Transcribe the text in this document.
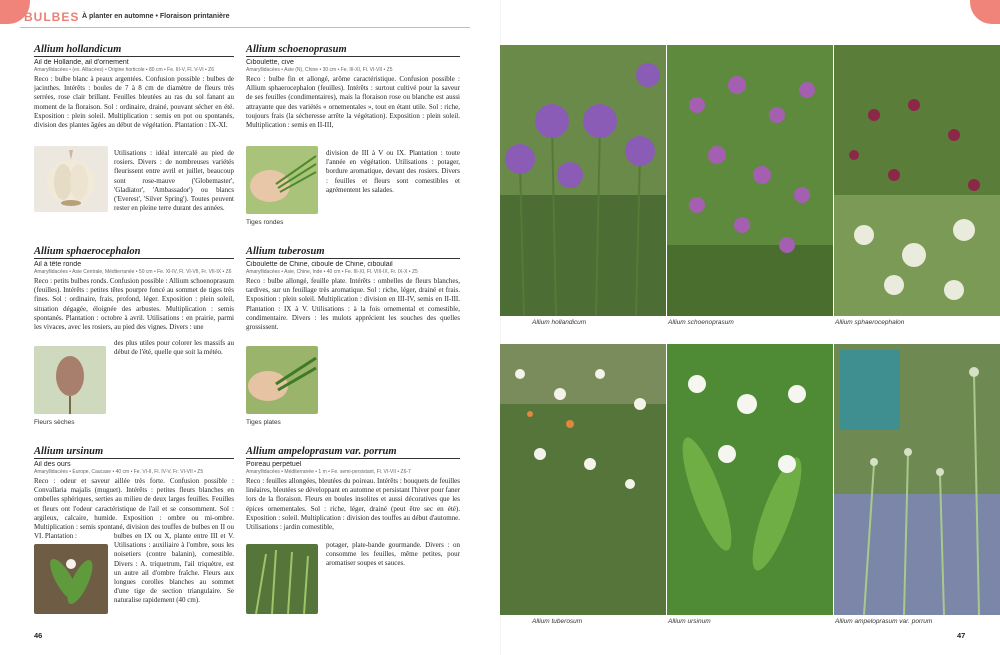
BULBES À planter en automne • Floraison printanière
Allium hollandicum
Ail de Hollande, ail d'ornement
Amaryllidacées • (ex. Alliacées) • Origine horticole • 80 cm • Fe. III-V, Fl. V-VI • Z6
Reco : bulbe blanc à peaux argentées. Confusion possible : bulbes de jacinthes. Intérêts : boules de 7 à 8 cm de diamètre de fleurs très serrées, rose clair brillant. Feuilles bleutées au ras du sol fanant au moment de la floraison. Sol : ordinaire, drainé, pouvant sécher en été. Exposition : plein soleil. Multiplication : semis en pot ou spontanés, division des plantes âgées au début de végétation. Plantation : IX-XI.
Utilisations : idéal intercalé au pied de rosiers. Divers : de nombreuses variétés fleurissent entre avril et juillet, beaucoup sont rose-mauve ('Globemaster', 'Gladiator', 'Ambassador') ou blancs ('Everest', 'Silver Spring'). Toutes peuvent rester en pleine terre durant des années.
Allium schoenoprasum
Ciboulette, cive
Amaryllidacées • Asie (N), Chine • 30 cm • Fe. III-XI, Fl. VI-VII • Z5
Reco : bulbe fin et allongé, arôme caractéristique. Confusion possible : Allium sphaerocephalon (feuilles). Intérêts : surtout cultivé pour la saveur de ses feuilles (condimentaires), mais la floraison rose ou blanche est aussi attrayante que des variétés « ornementales », tout en étant utile. Sol : riche, toujours frais (la sécheresse arrête la végétation). Exposition : plein soleil. Multiplication : semis en II-III,
division de III à V ou IX. Plantation : toute l'année en végétation. Utilisations : potager, bordure aromatique, devant des rosiers. Divers : feuilles et fleurs sont comestibles et agrémentent les salades.
Tiges rondes
Allium sphaerocephalon
Ail à tête ronde
Amaryllidacées • Asie Centrale, Méditerranée • 50 cm • Fe. XI-IV, Fl. VI-VII, Fr. VII-IX • Z6
Reco : petits bulbes ronds. Confusion possible : Allium schoenoprasum (feuilles). Intérêts : petites têtes pourpre foncé au sommet de tiges très fines. Sol : ordinaire, frais, profond, léger. Exposition : plein soleil, situation dégagée, éloignée des arbustes. Multiplication : semis spontanés. Plantation : octobre à avril. Utilisations : en prairie, parmi les vivaces, avec les rosiers, au pied des vignes. Divers : une
des plus utiles pour colorer les massifs au début de l'été, quelle que soit la météo.
Fleurs sèches
Allium tuberosum
Ciboulette de Chine, ciboule de Chine, ciboulail
Amaryllidacées • Asie, Chine, Inde • 40 cm • Fe. III-XI, Fl. VIII-IX, Fr. IX-X • Z5
Reco : bulbe allongé, feuille plate. Intérêts : ombelles de fleurs blanches, tardives, sur un feuillage très aromatique. Sol : riche, léger, drainé et frais. Exposition : plein soleil. Multiplication : division en III-IV, semis en II-III. Plantation : IX à V. Utilisations : à la fois ornemental et comestible, condimentaire. Divers : les mulots apprécient les souches des quelles grossissent.
Tiges plates
Allium ursinum
Ail des ours
Amaryllidacées • Europe, Caucase • 40 cm • Fe. VI-II, Fl. IV-V, Fr. VI-VII • Z5
Reco : odeur et saveur aillée très forte. Confusion possible : Convallaria majalis (muguet). Intérêts : petites fleurs blanches en ombelles sphériques, serties au milieu de deux larges feuilles. Feuilles et fleurs ont l'odeur caractéristique de l'ail et se consomment. Sol : argileux, calcaire, humide. Exposition : ombre ou mi-ombre. Multiplication : semis spontané, division des touffes de bulbes en II ou VI. Plantation :	bulbes en IX ou X, plante entre III et V. Utilisations : auxiliaire à l'ombre, sous les noisetiers (contre balanin), comestible. Divers : A. triquetrum, l'ail triquètre, est un autre ail d'ombre fraîche. Fleurs aux longues corolles blanches au sommet d'une tige de section triangulaire. Se naturalise rapidement (40 cm).
Allium ampeloprasum var. porrum
Poireau perpétuel
Amaryllidacées • Méditerranée • 1 m • Fe. semi-persistant, Fl. VI-VII • Z6-7
Reco : feuilles allongées, bleutées du poireau. Intérêts : bouquets de feuilles linéaires, bleutées se développant en automne et persistant l'hiver pour faner lors de la floraison. Fleurs en boules insolites et aussi décoratives que les épices ornementales. Sol : riche, léger, drainé (peut être sec en été). Exposition : soleil. Multiplication : division des touffes au début d'automne. Utilisations : jardin comestible,
potager, plate-bande gourmande. Divers : on consomme les feuilles, même petites, pour aromatiser soupes et sauces.
Allium hollandicum	Allium schoenoprasum	Allium sphaerocephalon
Allium tuberosum	Allium ursinum	Allium ampeloprasum var. porrum
46	47
